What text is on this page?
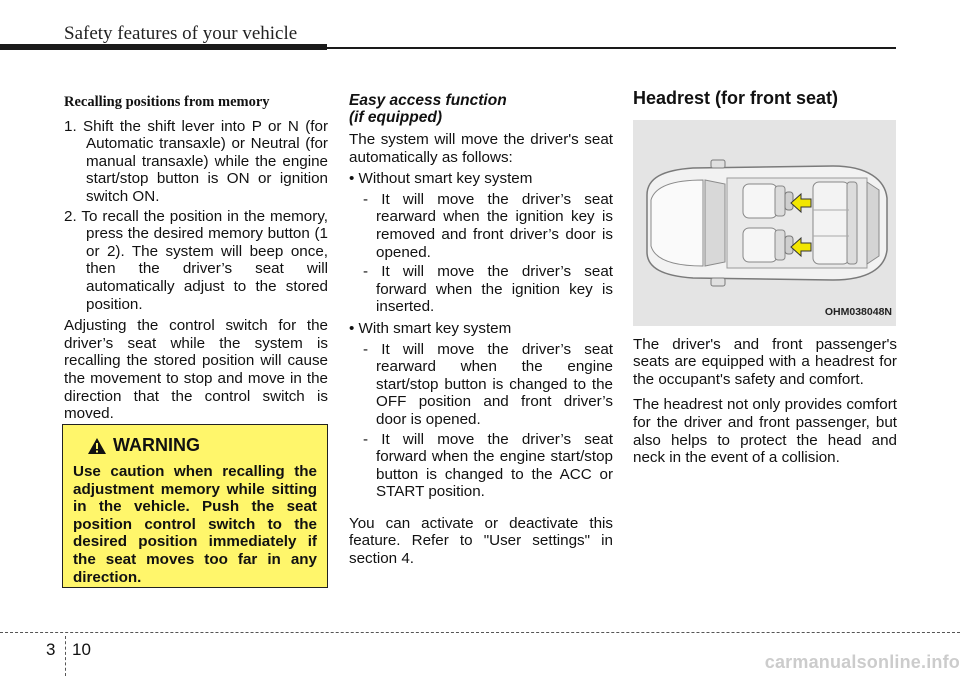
Safety features of your vehicle

Recalling positions from memory

1. Shift the shift lever into P or N (for Automatic transaxle) or Neutral (for manual transaxle) while the engine start/stop button is ON or ignition switch ON.

2. To recall the position in the memory, press the desired memory button (1 or 2). The system will beep once, then the driver’s seat will automatically adjust to the stored position.

Adjusting the control switch for the driver’s seat while the system is recalling the stored position will cause the movement to stop and move in the direction that the control switch is moved.

WARNING

Use caution when recalling the adjustment memory while sitting in the vehicle. Push the seat position control switch to the desired position immediately if the seat moves too far in any direction.

Easy access function
(if equipped)

The system will move the driver's seat automatically as follows:

• Without smart key system

- It will move the driver’s seat rearward when the ignition key is removed and front driver’s door is opened.

- It will move the driver’s seat forward when the ignition key is inserted.

• With smart key system

- It will move the driver’s seat rearward when the engine start/stop button is changed to the OFF position and front driver’s door is opened.

- It will move the driver’s seat forward when the engine start/stop button is changed to the ACC or START position.

You can activate or deactivate this feature. Refer to "User settings" in section 4.

Headrest (for front seat)

OHM038048N

The driver's and front passenger's seats are equipped with a headrest for the occupant's safety and comfort.

The headrest not only provides comfort for the driver and front passenger, but also helps to protect the head and neck in the event of a collision.

3 10
carmanualsonline.info
